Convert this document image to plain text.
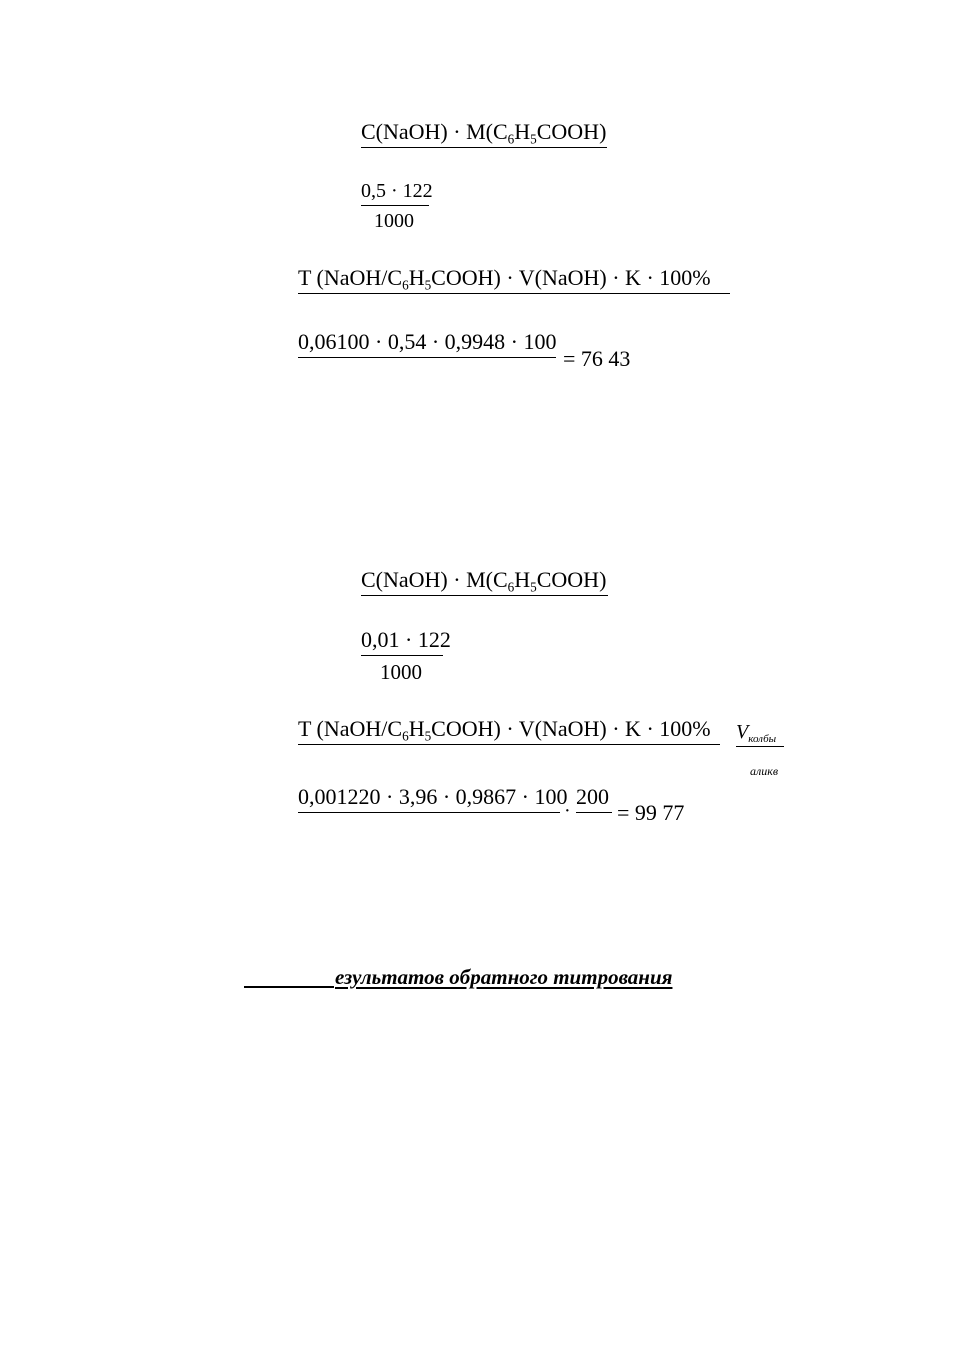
C(NaOH) · $M(C_6H_5COOH)$
0,5 · 122
1000
T $(NaOH/C_6H_5COOH)$ · V(NaOH) · K · 100%
0,06100 · 0,54 · 0,9948 · 100
= 76 43
C(NaOH) · $M(C_6H_5COOH)$
0,01 · 122
1000
T $(NaOH/C_6H_5COOH)$ · V(NaOH) · K · 100%	$V_{колбы}$
аликв
0,001220 · 3,96 · 0,9867 · 100
·
200
= 99 77
езультатов обратного титрования
